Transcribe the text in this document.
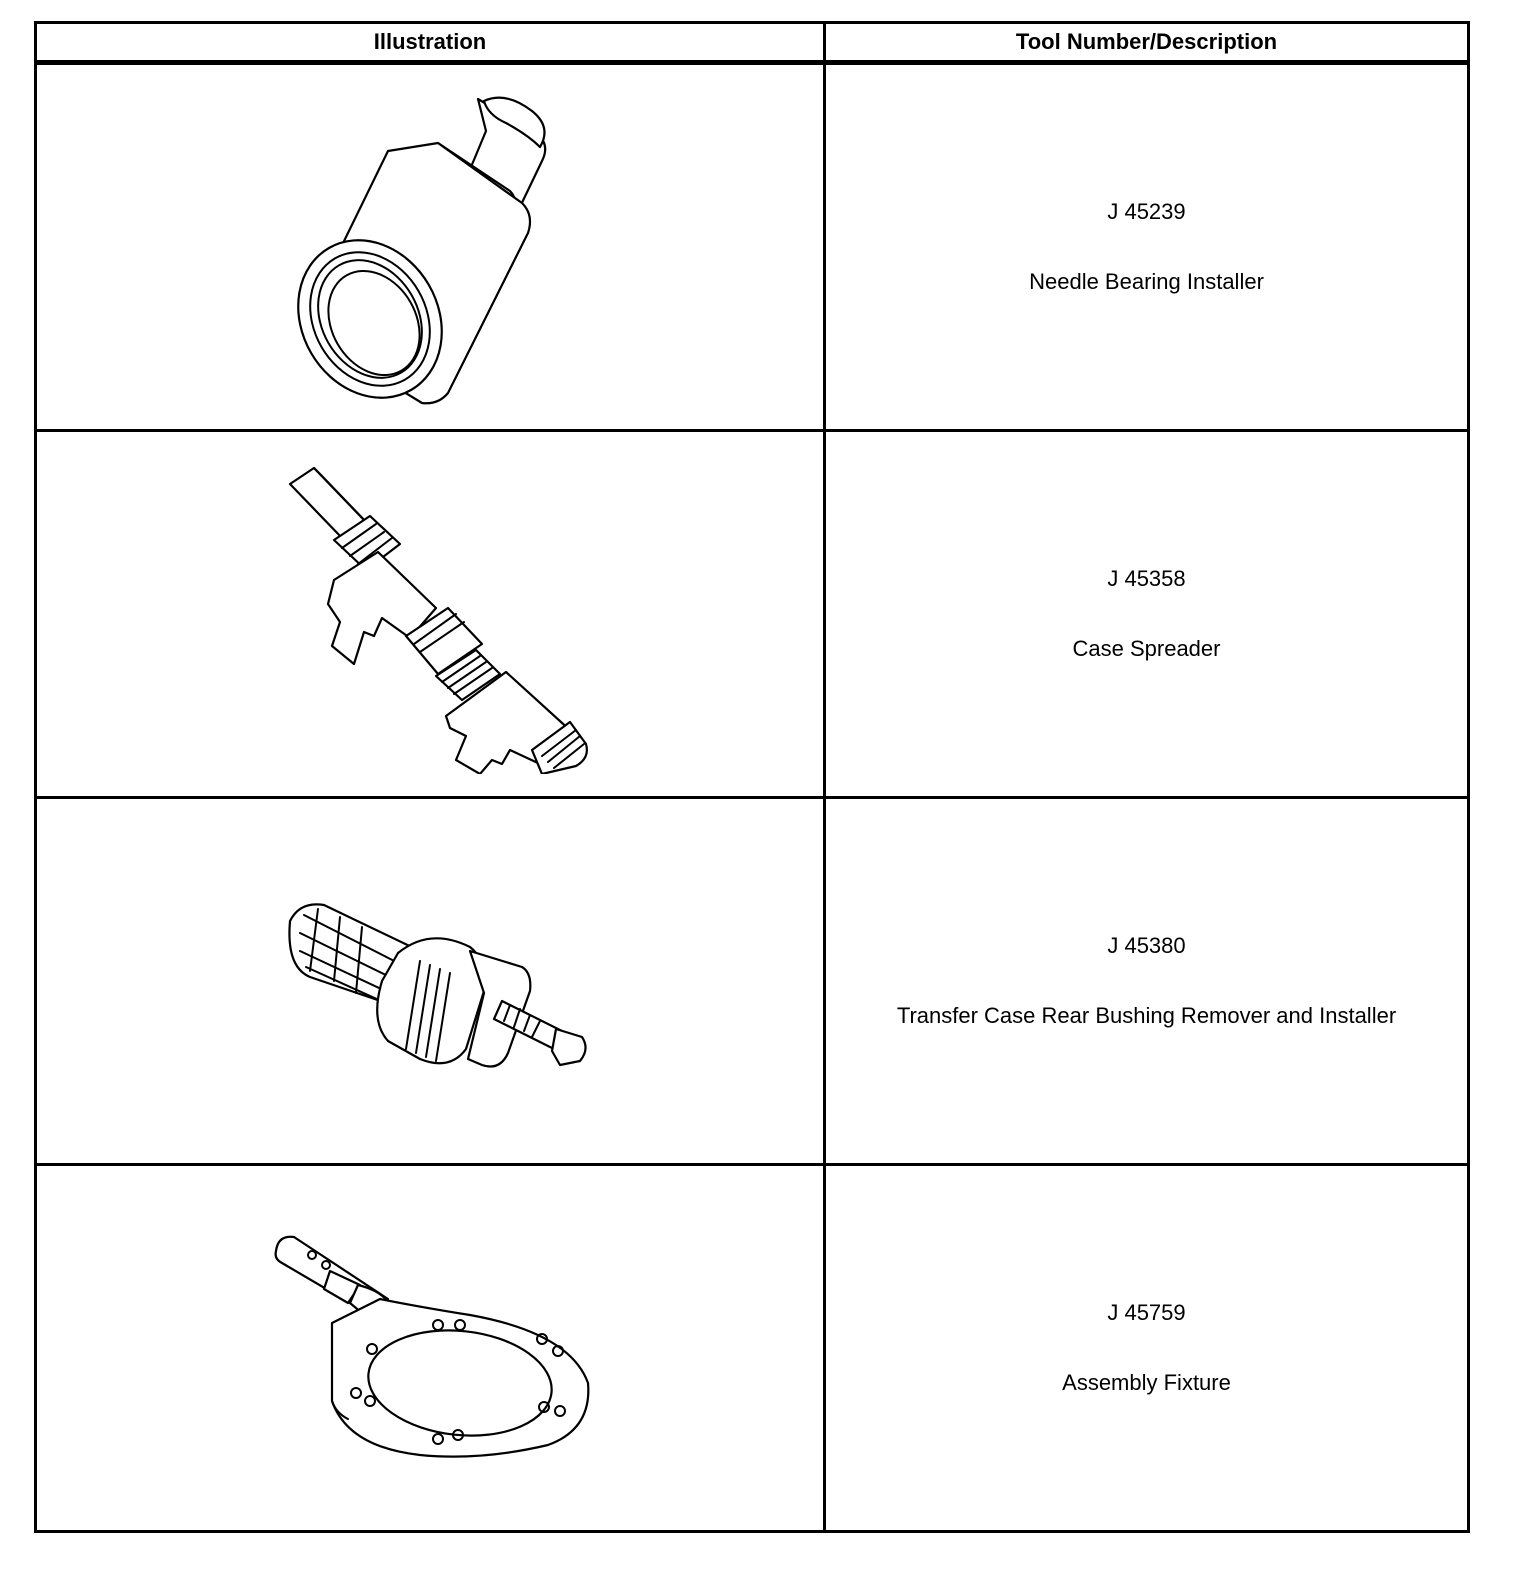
Illustration	Tool Number/Description

J 45239
Needle Bearing Installer

J 45358
Case Spreader

J 45380
Transfer Case Rear Bushing Remover and Installer

J 45759
Assembly Fixture
